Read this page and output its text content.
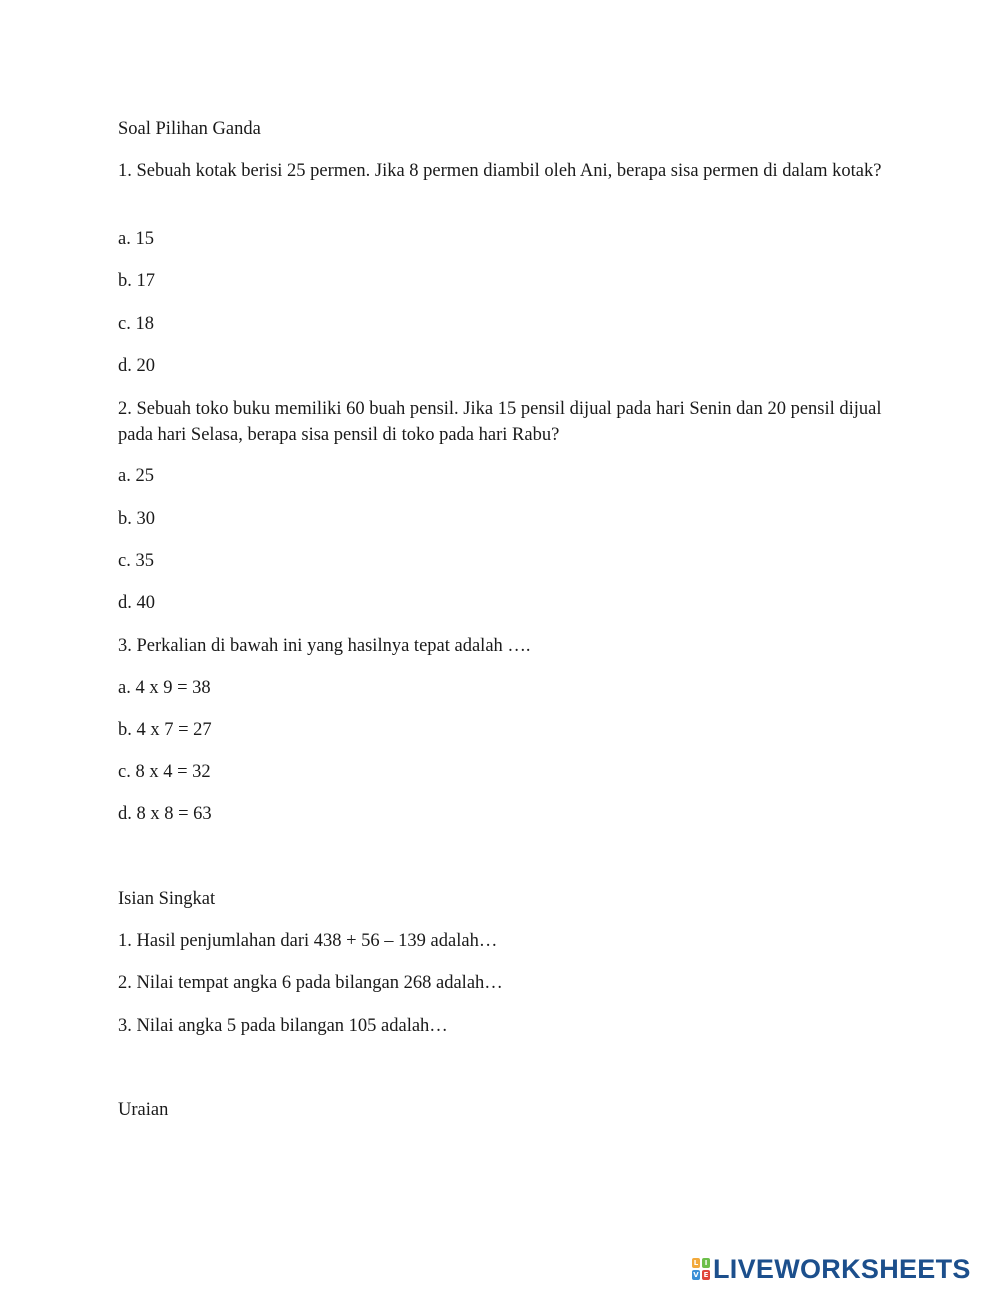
Soal Pilihan Ganda
1. Sebuah kotak berisi 25 permen. Jika 8 permen diambil oleh Ani, berapa sisa permen di dalam kotak?
a. 15
b. 17
c. 18
d. 20
2. Sebuah toko buku memiliki 60 buah pensil. Jika 15 pensil dijual pada hari Senin dan 20 pensil dijual pada hari Selasa, berapa sisa pensil di toko pada hari Rabu?
a. 25
b. 30
c. 35
d. 40
3. Perkalian di bawah ini yang hasilnya tepat adalah ….
a. 4 x 9 = 38
b. 4 x 7 = 27
c. 8 x 4 = 32
d. 8 x 8 = 63
Isian Singkat
1. Hasil penjumlahan dari 438 + 56 – 139 adalah…
2. Nilai tempat angka 6 pada bilangan 268 adalah…
3. Nilai angka 5 pada bilangan 105 adalah…
Uraian
L I
V E LIVEWORKSHEETS
